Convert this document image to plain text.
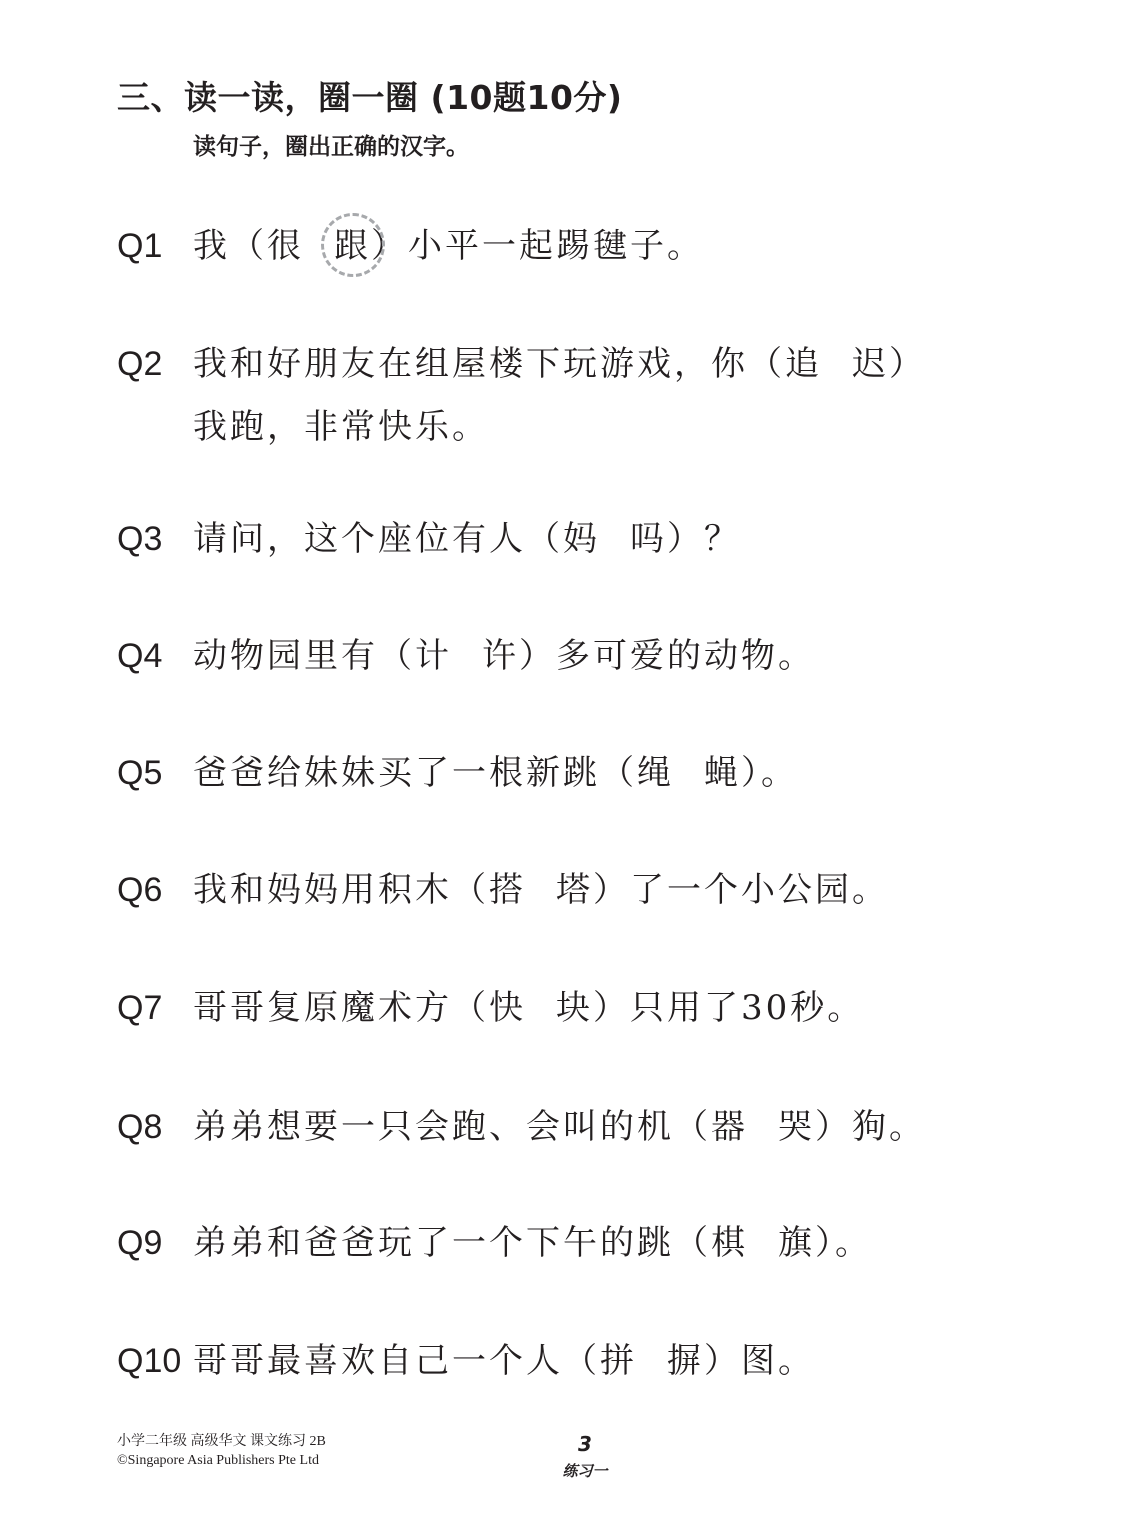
三、读一读，圈一圈 (10题10分)
读句子，圈出正确的汉字。
Q1 我（很 跟）小平一起踢毽子。
Q2 我和好朋友在组屋楼下玩游戏，你（追 迟）
我跑，非常快乐。
Q3 请问，这个座位有人（妈 吗）？
Q4 动物园里有（计 许）多可爱的动物。
Q5 爸爸给妹妹买了一根新跳（绳 蝇）。
Q6 我和妈妈用积木（搭 塔）了一个小公园。
Q7 哥哥复原魔术方（快 块）只用了30秒。
Q8 弟弟想要一只会跑、会叫的机（器 哭）狗。
Q9 弟弟和爸爸玩了一个下午的跳（棋 旗）。
Q10 哥哥最喜欢自己一个人（拼 摒）图。
小学二年级 高级华文 课文练习 2B
©Singapore Asia Publishers Pte Ltd
3
练习一
